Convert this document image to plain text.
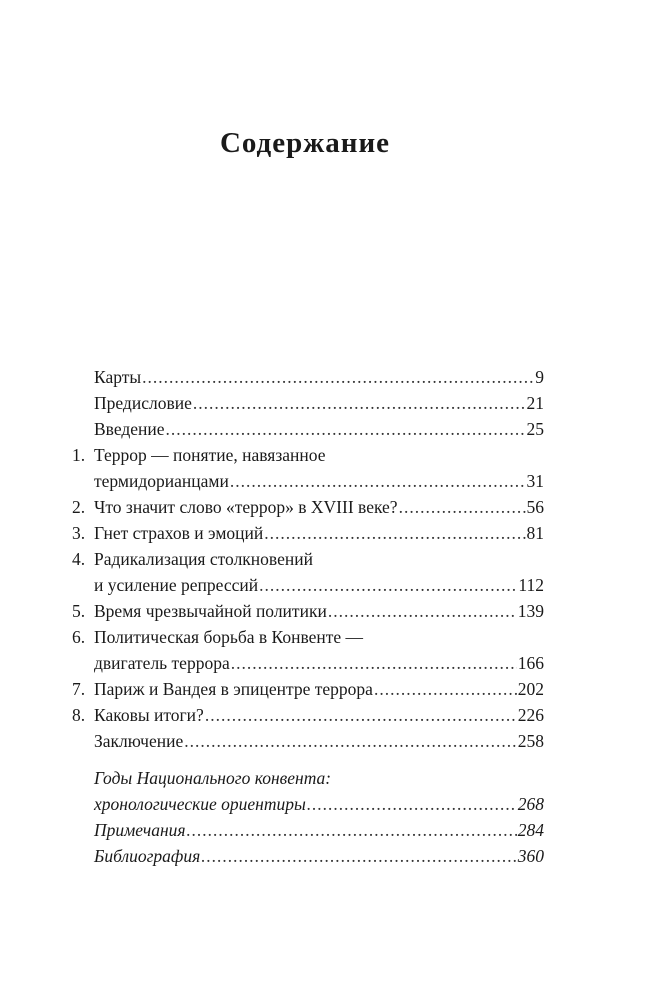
Содержание
Карты .....	9
Предисловие .....	21
Введение .....	25
1. Террор — понятие, навязанное
термидорианцами .....	31
2. Что значит слово «террор» в XVIII веке? .....	56
3. Гнет страхов и эмоций .....	81
4. Радикализация столкновений
и усиление репрессий .....	112
5. Время чрезвычайной политики .....	139
6. Политическая борьба в Конвенте —
двигатель террора .....	166
7. Париж и Вандея в эпицентре террора .....	202
8. Каковы итоги? .....	226
Заключение .....	258
Годы Национального конвента:
хронологические ориентиры .....	268
Примечания .....	284
Библиография .....	360
